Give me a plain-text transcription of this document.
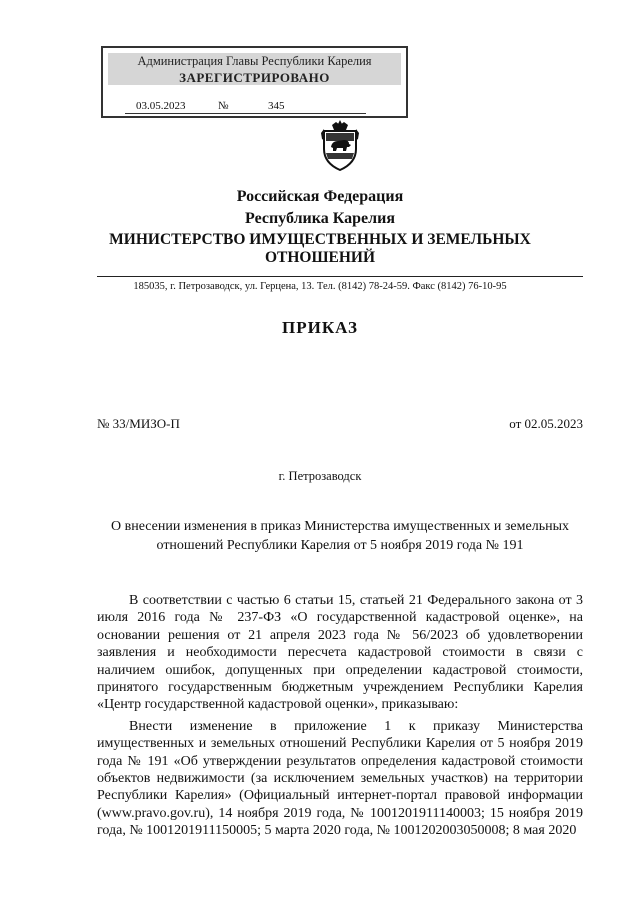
Администрация Главы Республики Карелия
ЗАРЕГИСТРИРОВАНО
03.05.2023	№	345
Российская Федерация
Республика Карелия
МИНИСТЕРСТВО ИМУЩЕСТВЕННЫХ И ЗЕМЕЛЬНЫХ
ОТНОШЕНИЙ
185035, г. Петрозаводск, ул. Герцена, 13. Тел. (8142) 78-24-59. Факс (8142) 76-10-95
ПРИКАЗ
№ 33/МИЗО-П	от 02.05.2023
г. Петрозаводск
О внесении изменения в приказ Министерства имущественных и земельных отношений Республики Карелия от 5 ноября 2019 года № 191

В соответствии с частью 6 статьи 15, статьей 21 Федерального закона от 3 июля 2016 года № 237-ФЗ «О государственной кадастровой оценке», на основании решения от 21 апреля 2023 года № 56/2023 об удовлетворении заявления и необходимости пересчета кадастровой стоимости в связи с наличием ошибок, допущенных при определении кадастровой стоимости, принятого государственным бюджетным учреждением Республики Карелия «Центр государственной кадастровой оценки», приказываю:

Внести изменение в приложение 1 к приказу Министерства имущественных и земельных отношений Республики Карелия от 5 ноября 2019 года № 191 «Об утверждении результатов определения кадастровой стоимости объектов недвижимости (за исключением земельных участков) на территории Республики Карелия» (Официальный интернет-портал правовой информации (www.pravo.gov.ru), 14 ноября 2019 года, № 1001201911140003; 15 ноября 2019 года, № 1001201911150005; 5 марта 2020 года, № 1001202003050008; 8 мая 2020
